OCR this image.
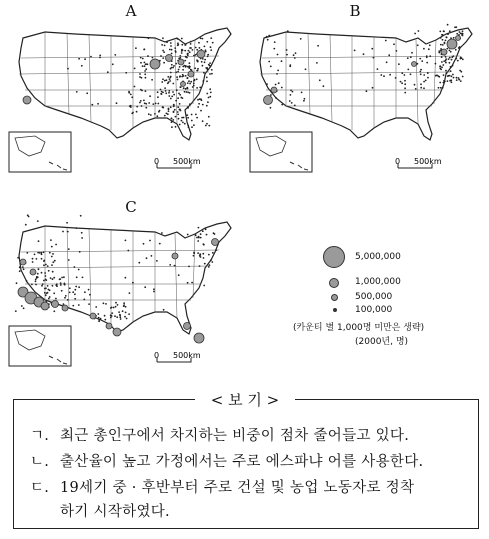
A
0 500km
B
0 500km
C
0 500km
5,000,000
1,000,000
500,000
100,000
(카운티 별 1,000명 미만은 생략)
(2000년, 명)
< 보 기 >
ㄱ. 최근 총인구에서 차지하는 비중이 점차 줄어들고 있다.
ㄴ. 출산율이 높고 가정에서는 주로 에스파냐 어를 사용한다.
ㄷ. 19세기 중 · 후반부터 주로 건설 및 농업 노동자로 정착
하기 시작하였다.
